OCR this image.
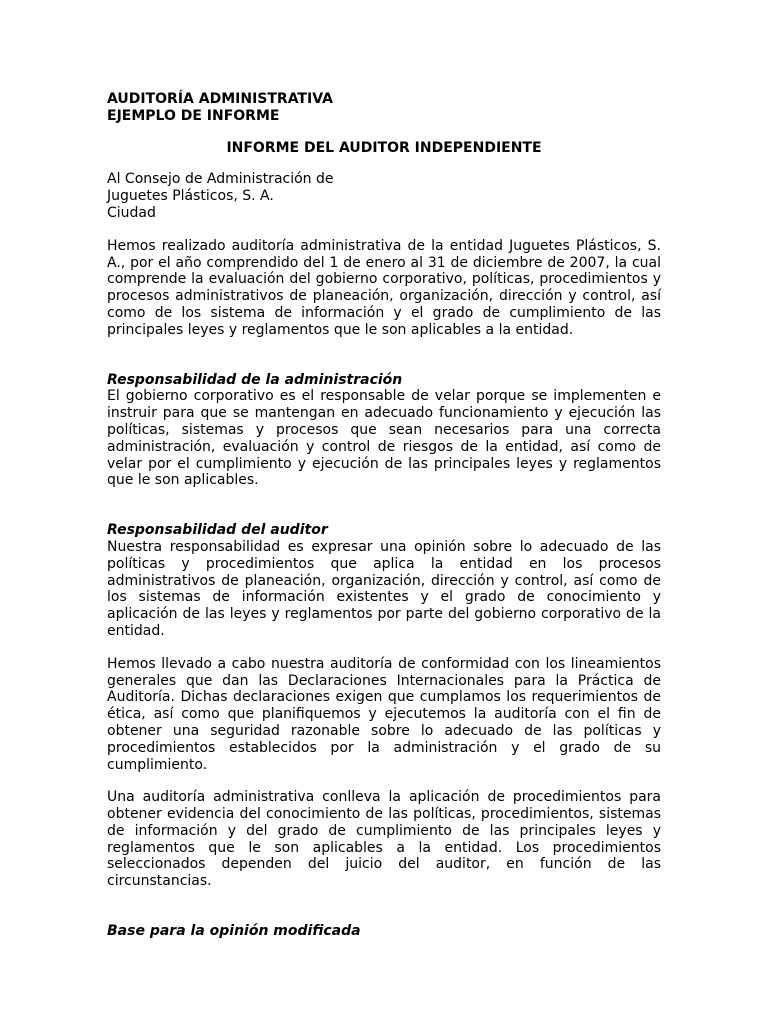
AUDITORÍA ADMINISTRATIVA
EJEMPLO DE INFORME
INFORME DEL AUDITOR INDEPENDIENTE
Al Consejo de Administración de
Juguetes Plásticos, S. A.
Ciudad

Hemos realizado auditoría administrativa de la entidad Juguetes Plásticos, S. A., por el año comprendido del 1 de enero al 31 de diciembre de 2007, la cual comprende la evaluación del gobierno corporativo, políticas, procedimientos y procesos administrativos de planeación, organización, dirección y control, así como de los sistema de información y el grado de cumplimiento de las principales leyes y reglamentos que le son aplicables a la entidad.

Responsabilidad de la administración

El gobierno corporativo es el responsable de velar porque se implementen e instruir para que se mantengan en adecuado funcionamiento y ejecución las políticas, sistemas y procesos que sean necesarios para una correcta administración, evaluación y control de riesgos de la entidad, así como de velar por el cumplimiento y ejecución de las principales leyes y reglamentos que le son aplicables.

Responsabilidad del auditor

Nuestra responsabilidad es expresar una opinión sobre lo adecuado de las políticas y procedimientos que aplica la entidad en los procesos administrativos de planeación, organización, dirección y control, así como de los sistemas de información existentes y el grado de conocimiento y aplicación de las leyes y reglamentos por parte del gobierno corporativo de la entidad.

Hemos llevado a cabo nuestra auditoría de conformidad con los lineamientos generales que dan las Declaraciones Internacionales para la Práctica de Auditoría. Dichas declaraciones exigen que cumplamos los requerimientos de ética, así como que planifiquemos y ejecutemos la auditoría con el fin de obtener una seguridad razonable sobre lo adecuado de las políticas y procedimientos establecidos por la administración y el grado de su cumplimiento.

Una auditoría administrativa conlleva la aplicación de procedimientos para obtener evidencia del conocimiento de las políticas, procedimientos, sistemas de información y del grado de cumplimiento de las principales leyes y reglamentos que le son aplicables a la entidad. Los procedimientos seleccionados dependen del juicio del auditor, en función de las circunstancias.

Base para la opinión modificada
